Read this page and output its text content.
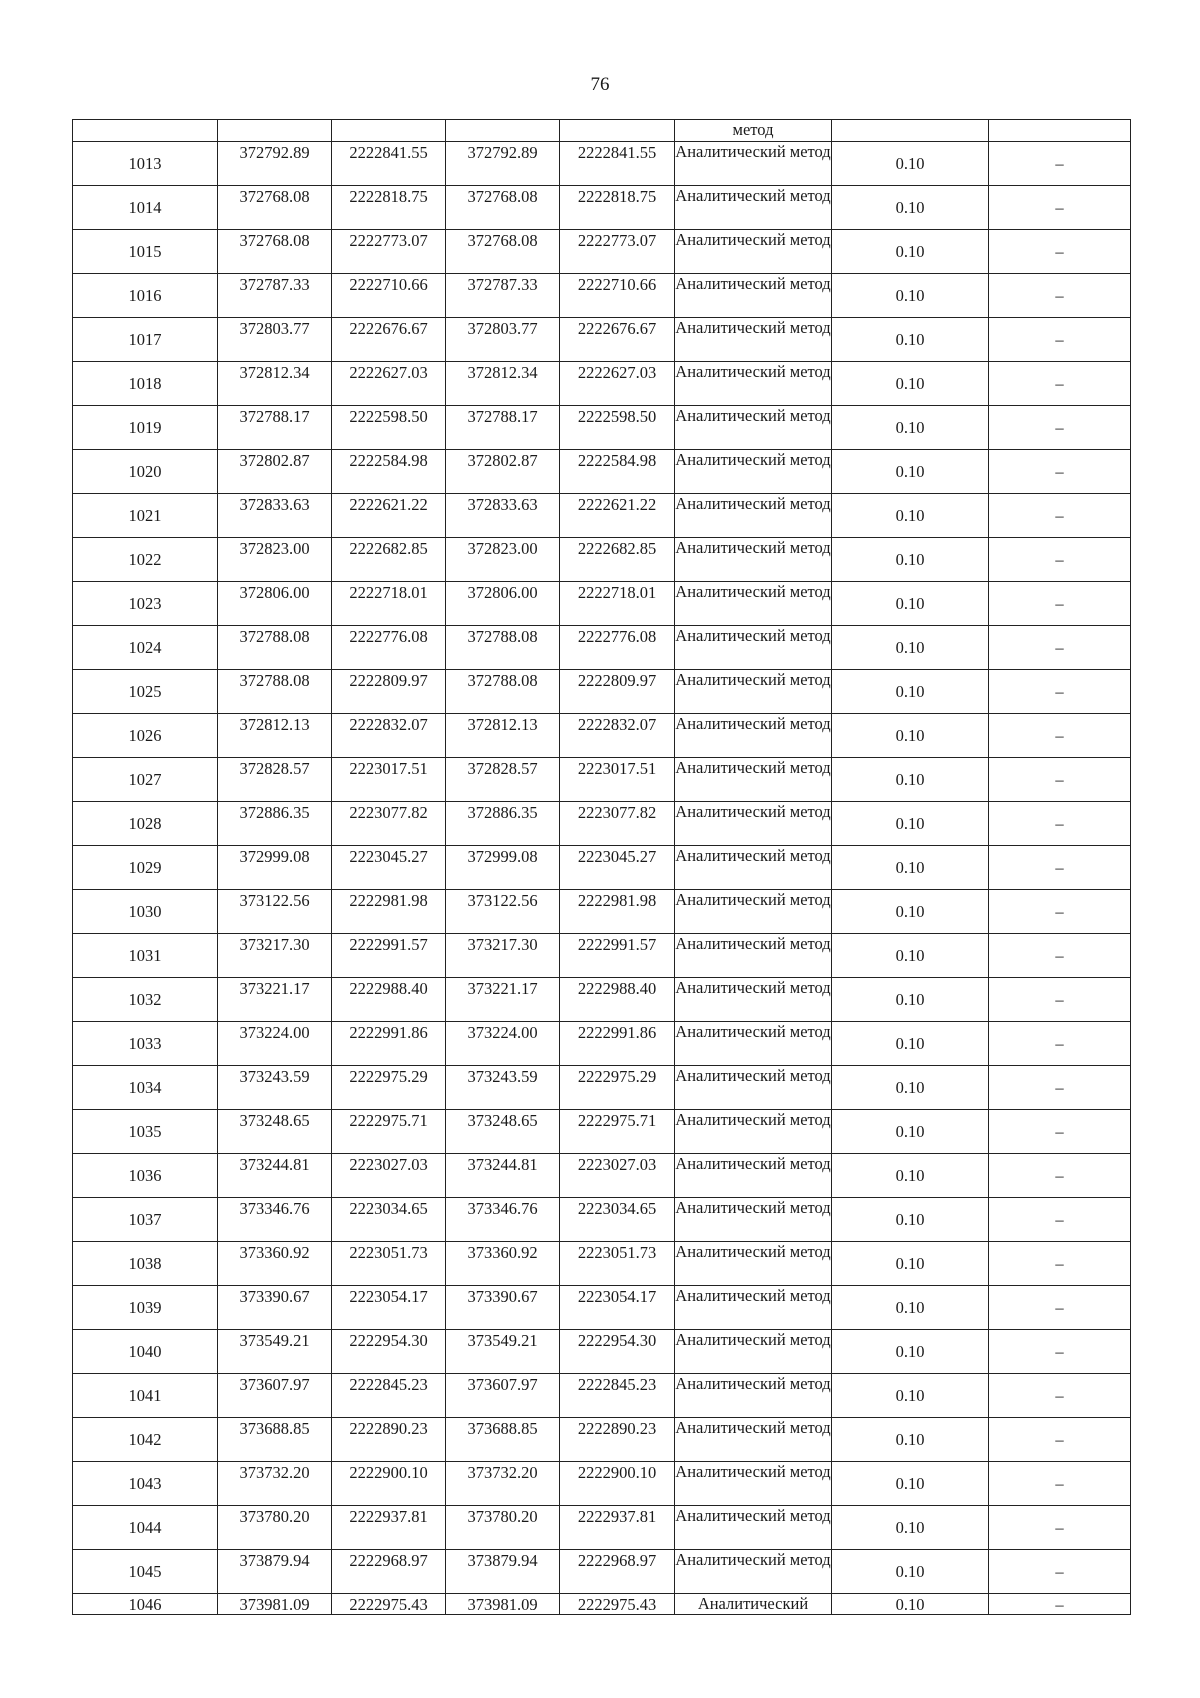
76
					метод		
1013	372792.89	2222841.55	372792.89	2222841.55	Аналитический метод	0.10	–
1014	372768.08	2222818.75	372768.08	2222818.75	Аналитический метод	0.10	–
1015	372768.08	2222773.07	372768.08	2222773.07	Аналитический метод	0.10	–
1016	372787.33	2222710.66	372787.33	2222710.66	Аналитический метод	0.10	–
1017	372803.77	2222676.67	372803.77	2222676.67	Аналитический метод	0.10	–
1018	372812.34	2222627.03	372812.34	2222627.03	Аналитический метод	0.10	–
1019	372788.17	2222598.50	372788.17	2222598.50	Аналитический метод	0.10	–
1020	372802.87	2222584.98	372802.87	2222584.98	Аналитический метод	0.10	–
1021	372833.63	2222621.22	372833.63	2222621.22	Аналитический метод	0.10	–
1022	372823.00	2222682.85	372823.00	2222682.85	Аналитический метод	0.10	–
1023	372806.00	2222718.01	372806.00	2222718.01	Аналитический метод	0.10	–
1024	372788.08	2222776.08	372788.08	2222776.08	Аналитический метод	0.10	–
1025	372788.08	2222809.97	372788.08	2222809.97	Аналитический метод	0.10	–
1026	372812.13	2222832.07	372812.13	2222832.07	Аналитический метод	0.10	–
1027	372828.57	2223017.51	372828.57	2223017.51	Аналитический метод	0.10	–
1028	372886.35	2223077.82	372886.35	2223077.82	Аналитический метод	0.10	–
1029	372999.08	2223045.27	372999.08	2223045.27	Аналитический метод	0.10	–
1030	373122.56	2222981.98	373122.56	2222981.98	Аналитический метод	0.10	–
1031	373217.30	2222991.57	373217.30	2222991.57	Аналитический метод	0.10	–
1032	373221.17	2222988.40	373221.17	2222988.40	Аналитический метод	0.10	–
1033	373224.00	2222991.86	373224.00	2222991.86	Аналитический метод	0.10	–
1034	373243.59	2222975.29	373243.59	2222975.29	Аналитический метод	0.10	–
1035	373248.65	2222975.71	373248.65	2222975.71	Аналитический метод	0.10	–
1036	373244.81	2223027.03	373244.81	2223027.03	Аналитический метод	0.10	–
1037	373346.76	2223034.65	373346.76	2223034.65	Аналитический метод	0.10	–
1038	373360.92	2223051.73	373360.92	2223051.73	Аналитический метод	0.10	–
1039	373390.67	2223054.17	373390.67	2223054.17	Аналитический метод	0.10	–
1040	373549.21	2222954.30	373549.21	2222954.30	Аналитический метод	0.10	–
1041	373607.97	2222845.23	373607.97	2222845.23	Аналитический метод	0.10	–
1042	373688.85	2222890.23	373688.85	2222890.23	Аналитический метод	0.10	–
1043	373732.20	2222900.10	373732.20	2222900.10	Аналитический метод	0.10	–
1044	373780.20	2222937.81	373780.20	2222937.81	Аналитический метод	0.10	–
1045	373879.94	2222968.97	373879.94	2222968.97	Аналитический метод	0.10	–
1046	373981.09	2222975.43	373981.09	2222975.43	Аналитический	0.10	–
